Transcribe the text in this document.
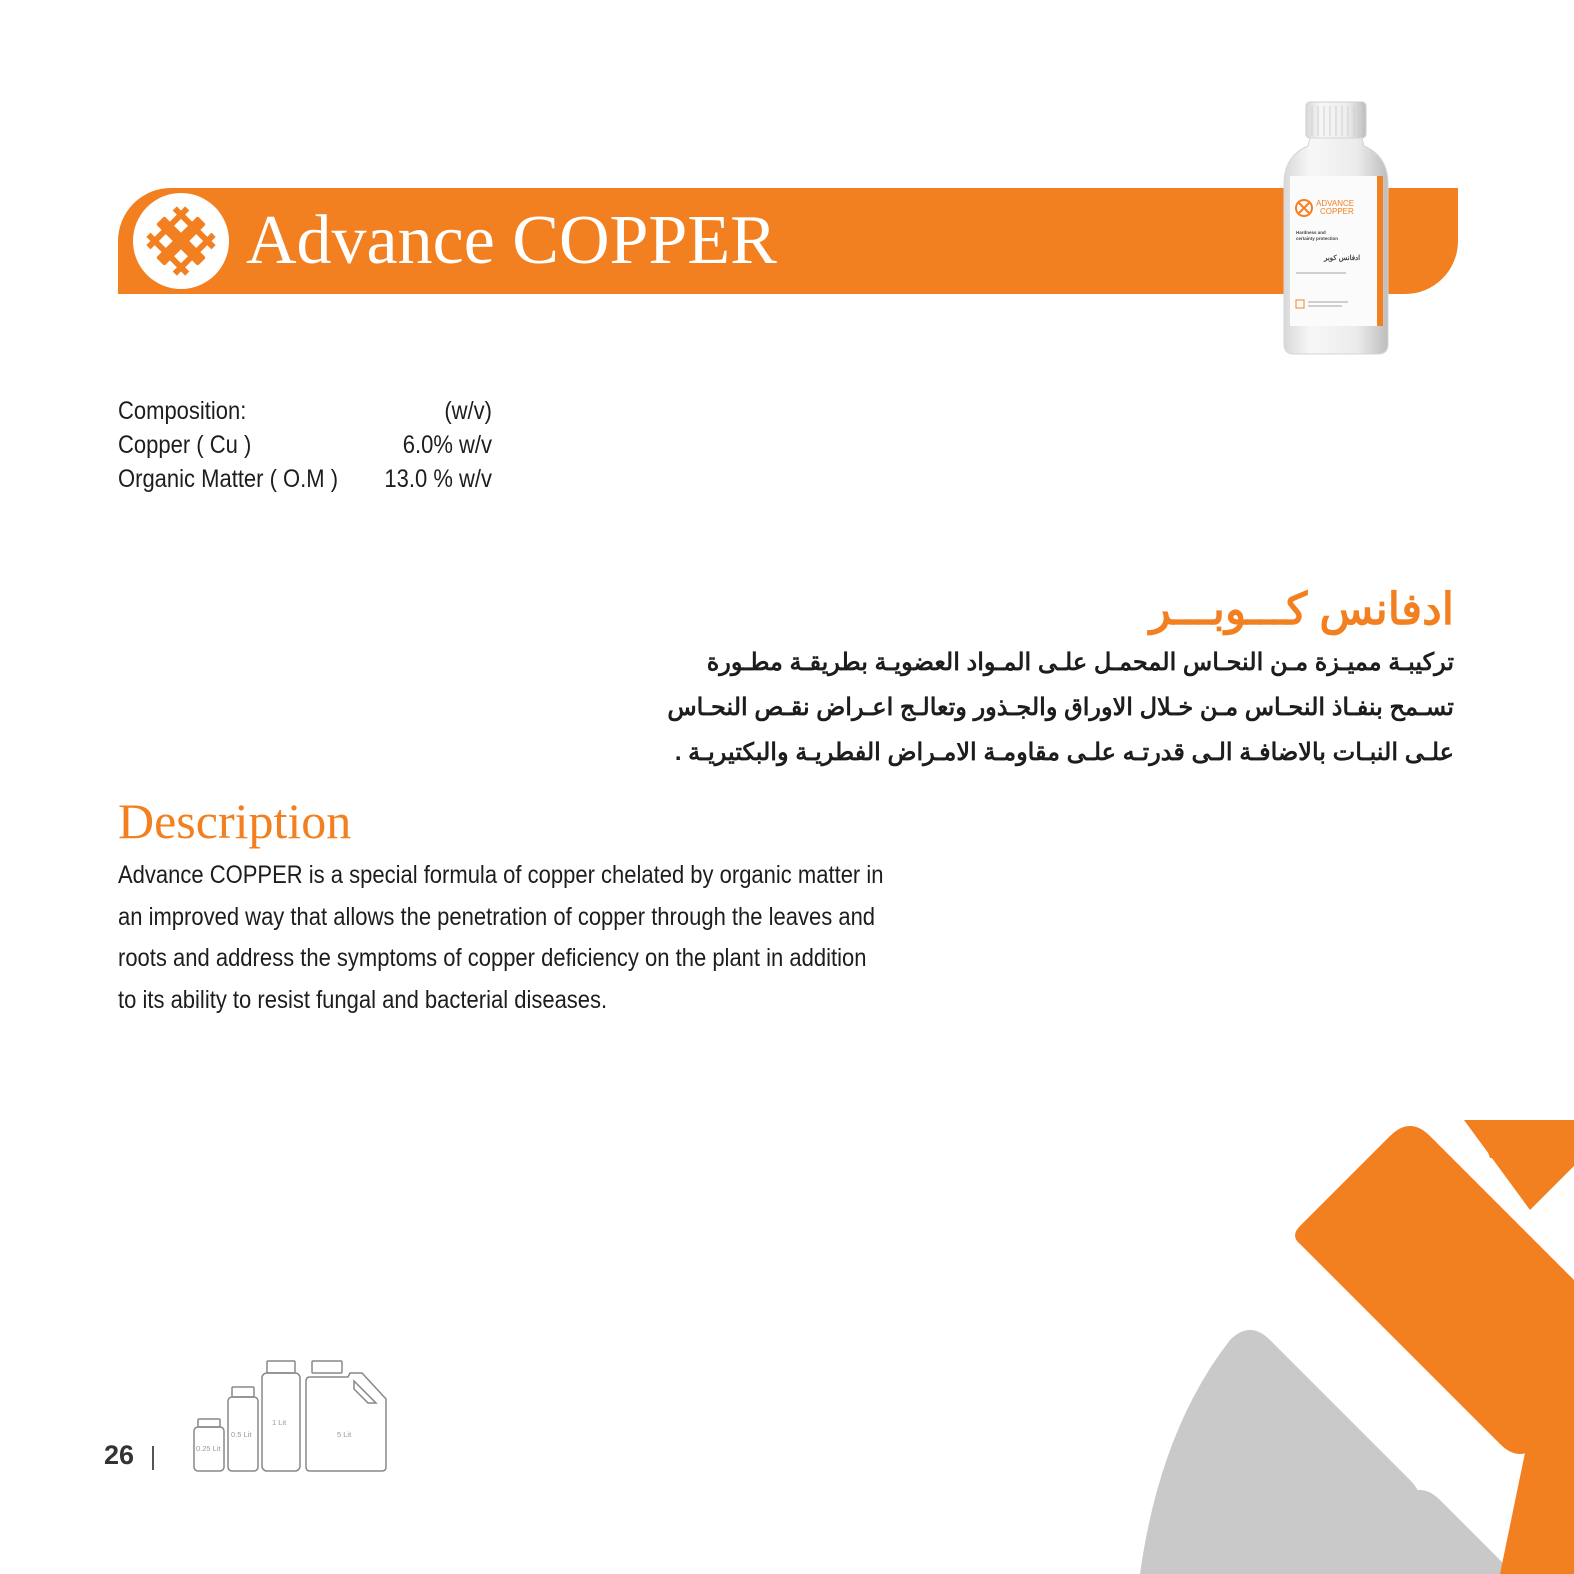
Advance COPPER	ADVANCE
COPPER
Hardness and
certainty protection
ادفانس كوبر
Composition:	(w/v)
Copper ( Cu )	6.0% w/v
Organic Matter ( O.M ) 13.0 % w/v
ادفانس كـــوبـــر
تركيبـة مميـزة مـن النحـاس المحمـل علـى المـواد العضويـة بطريقـة مطـورة
تسـمح بنفـاذ النحـاس مـن خـلال الاوراق والجـذور وتعالـج اعـراض نقـص النحـاس
علـى النبـات بالاضافـة الـى قدرتـه علـى مقاومـة الامـراض الفطريـة والبكتيريـة .
Description
Advance COPPER is a special formula of copper chelated by organic matter in
an improved way that allows the penetration of copper through the leaves and
roots and address the symptoms of copper deficiency on the plant in addition
to its ability to resist fungal and bacterial diseases.
26	0.25 Lit
0.5 Lit
1 Lit
5 Lit
